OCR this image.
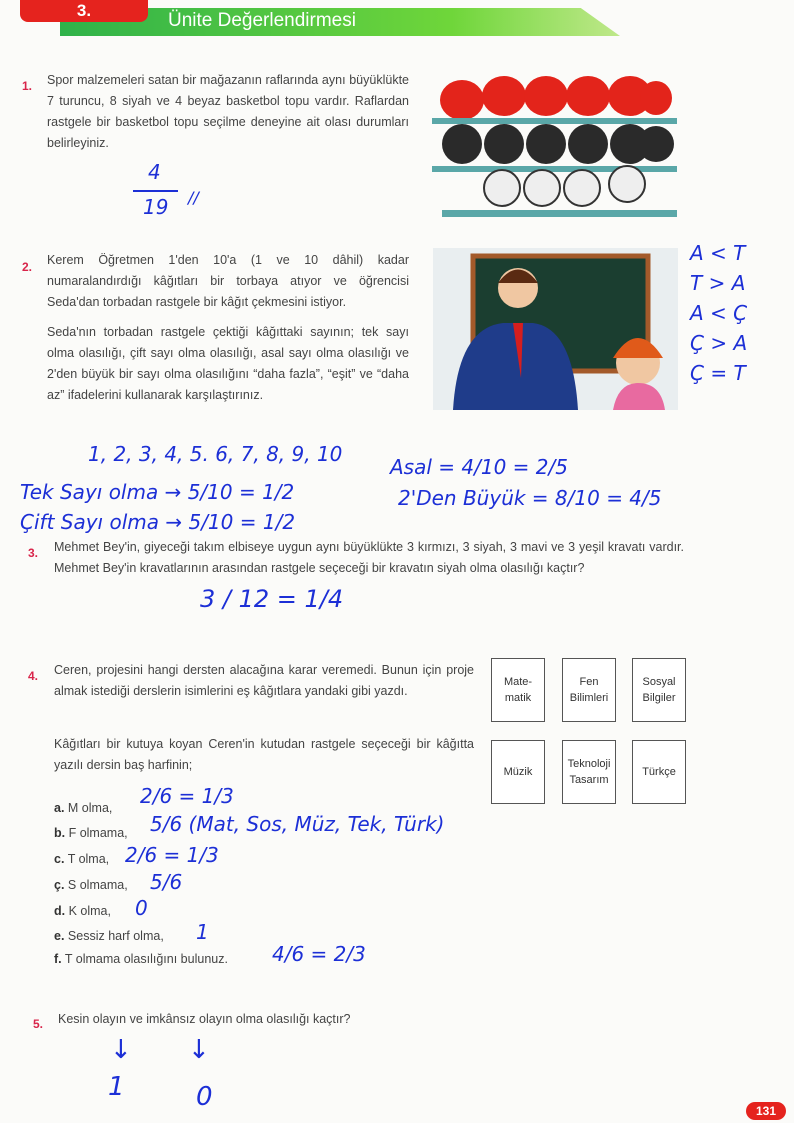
3.	Ünite Değerlendirmesi
1. Spor malzemeleri satan bir mağazanın raflarında aynı büyüklükte 7 turuncu, 8 siyah ve 4 beyaz basketbol topu vardır. Raflardan rastgele bir basketbol topu seçilme deneyine ait olası durumları belirleyiniz.
4
19 //
2. Kerem Öğretmen 1'den 10'a (1 ve 10 dâhil) kadar numaralandırdığı kâğıtları bir torbaya atıyor ve öğrencisi Seda'dan torbadan rastgele bir kâğıt çekmesini istiyor.
Seda'nın torbadan rastgele çektiği kâğıttaki sayının; tek sayı olma olasılığı, çift sayı olma olasılığı, asal sayı olma olasılığı ve 2'den büyük bir sayı olma olasılığını “daha fazla”, “eşit” ve “daha az” ifadelerini kullanarak karşılaştırınız.
A < T
T > A
A < Ç
Ç > A
Ç = T
1, 2, 3, 4, 5. 6, 7, 8, 9, 10
Tek Sayı olma → 5/10 = 1/2
Çift Sayı olma → 5/10 = 1/2
Asal = 4/10 = 2/5
2'Den Büyük = 8/10 = 4/5
3. Mehmet Bey'in, giyeceği takım elbiseye uygun aynı büyüklükte 3 kırmızı, 3 siyah, 3 mavi ve 3 yeşil kravatı vardır. Mehmet Bey'in kravatlarının arasından rastgele seçeceği bir kravatın siyah olma olasılığı kaçtır?
3 / 12 = 1/4
4. Ceren, projesini hangi dersten alacağına karar veremedi. Bunun için proje almak istediği derslerin isimlerini eş kâğıtlara yandaki gibi yazdı.
Kâğıtları bir kutuya koyan Ceren'in kutudan rastgele seçeceği bir kâğıtta yazılı dersin baş harfinin;
Mate-
matik
Fen
Bilimleri
Sosyal
Bilgiler
Müzik
Teknoloji
Tasarım
Türkçe
a. M olma,
b. F olmama,
c. T olma,
ç. S olmama,
d. K olma,
e. Sessiz harf olma,
f. T olmama olasılığını bulunuz.
2/6 = 1/3
5/6 (Mat, Sos, Müz, Tek, Türk)
2/6 = 1/3
5/6
0
1
4/6 = 2/3
5. Kesin olayın ve imkânsız olayın olma olasılığı kaçtır?
↓ ↓
1	0	131
